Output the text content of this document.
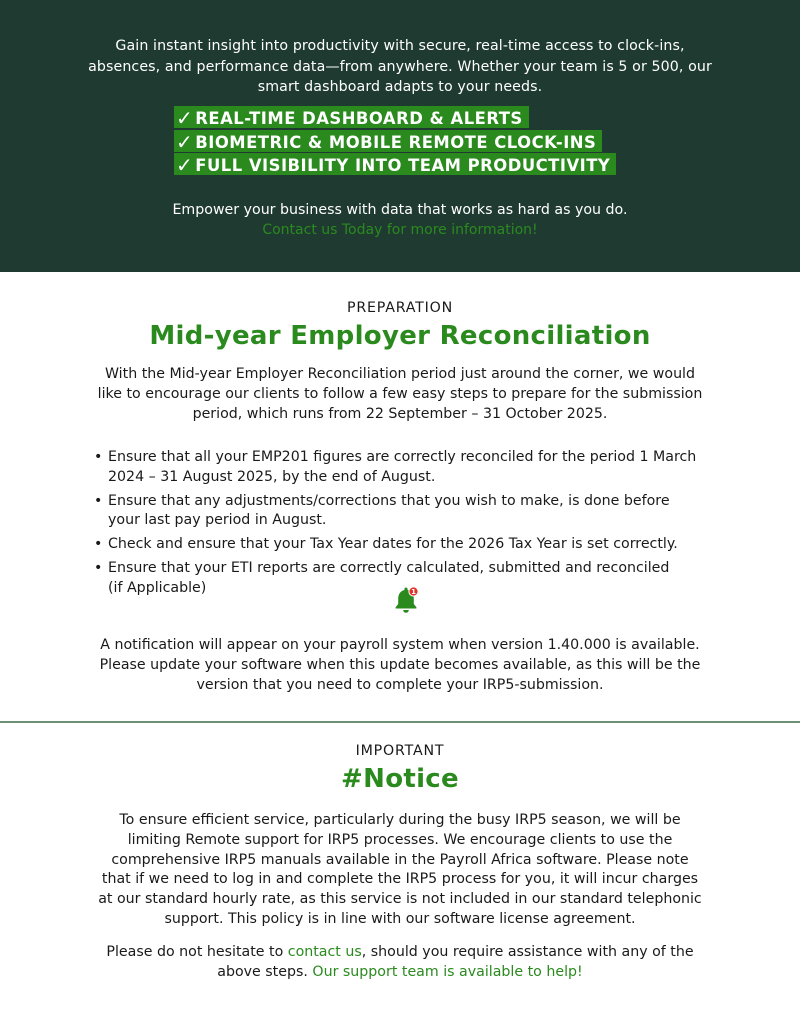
Gain instant insight into productivity with secure, real-time access to clock-ins,
absences, and performance data—from anywhere. Whether your team is 5 or 500, our
smart dashboard adapts to your needs.
✓ REAL-TIME DASHBOARD & ALERTS
✓ BIOMETRIC & MOBILE REMOTE CLOCK-INS
✓ FULL VISIBILITY INTO TEAM PRODUCTIVITY
Empower your business with data that works as hard as you do.
Contact us Today for more information!
PREPARATION
Mid-year Employer Reconciliation
With the Mid-year Employer Reconciliation period just around the corner, we would
like to encourage our clients to follow a few easy steps to prepare for the submission
period, which runs from 22 September – 31 October 2025.
• Ensure that all your EMP201 figures are correctly reconciled for the period 1 March
2024 – 31 August 2025, by the end of August.
• Ensure that any adjustments/corrections that you wish to make, is done before
your last pay period in August.
• Check and ensure that your Tax Year dates for the 2026 Tax Year is set correctly.
• Ensure that your ETI reports are correctly calculated, submitted and reconciled
(if Applicable)	1
A notification will appear on your payroll system when version 1.40.000 is available.
Please update your software when this update becomes available, as this will be the
version that you need to complete your IRP5-submission.
IMPORTANT
#Notice
To ensure efficient service, particularly during the busy IRP5 season, we will be
limiting Remote support for IRP5 processes. We encourage clients to use the
comprehensive IRP5 manuals available in the Payroll Africa software. Please note
that if we need to log in and complete the IRP5 process for you, it will incur charges
at our standard hourly rate, as this service is not included in our standard telephonic
support. This policy is in line with our software license agreement.
Please do not hesitate to contact us, should you require assistance with any of the
above steps. Our support team is available to help!
